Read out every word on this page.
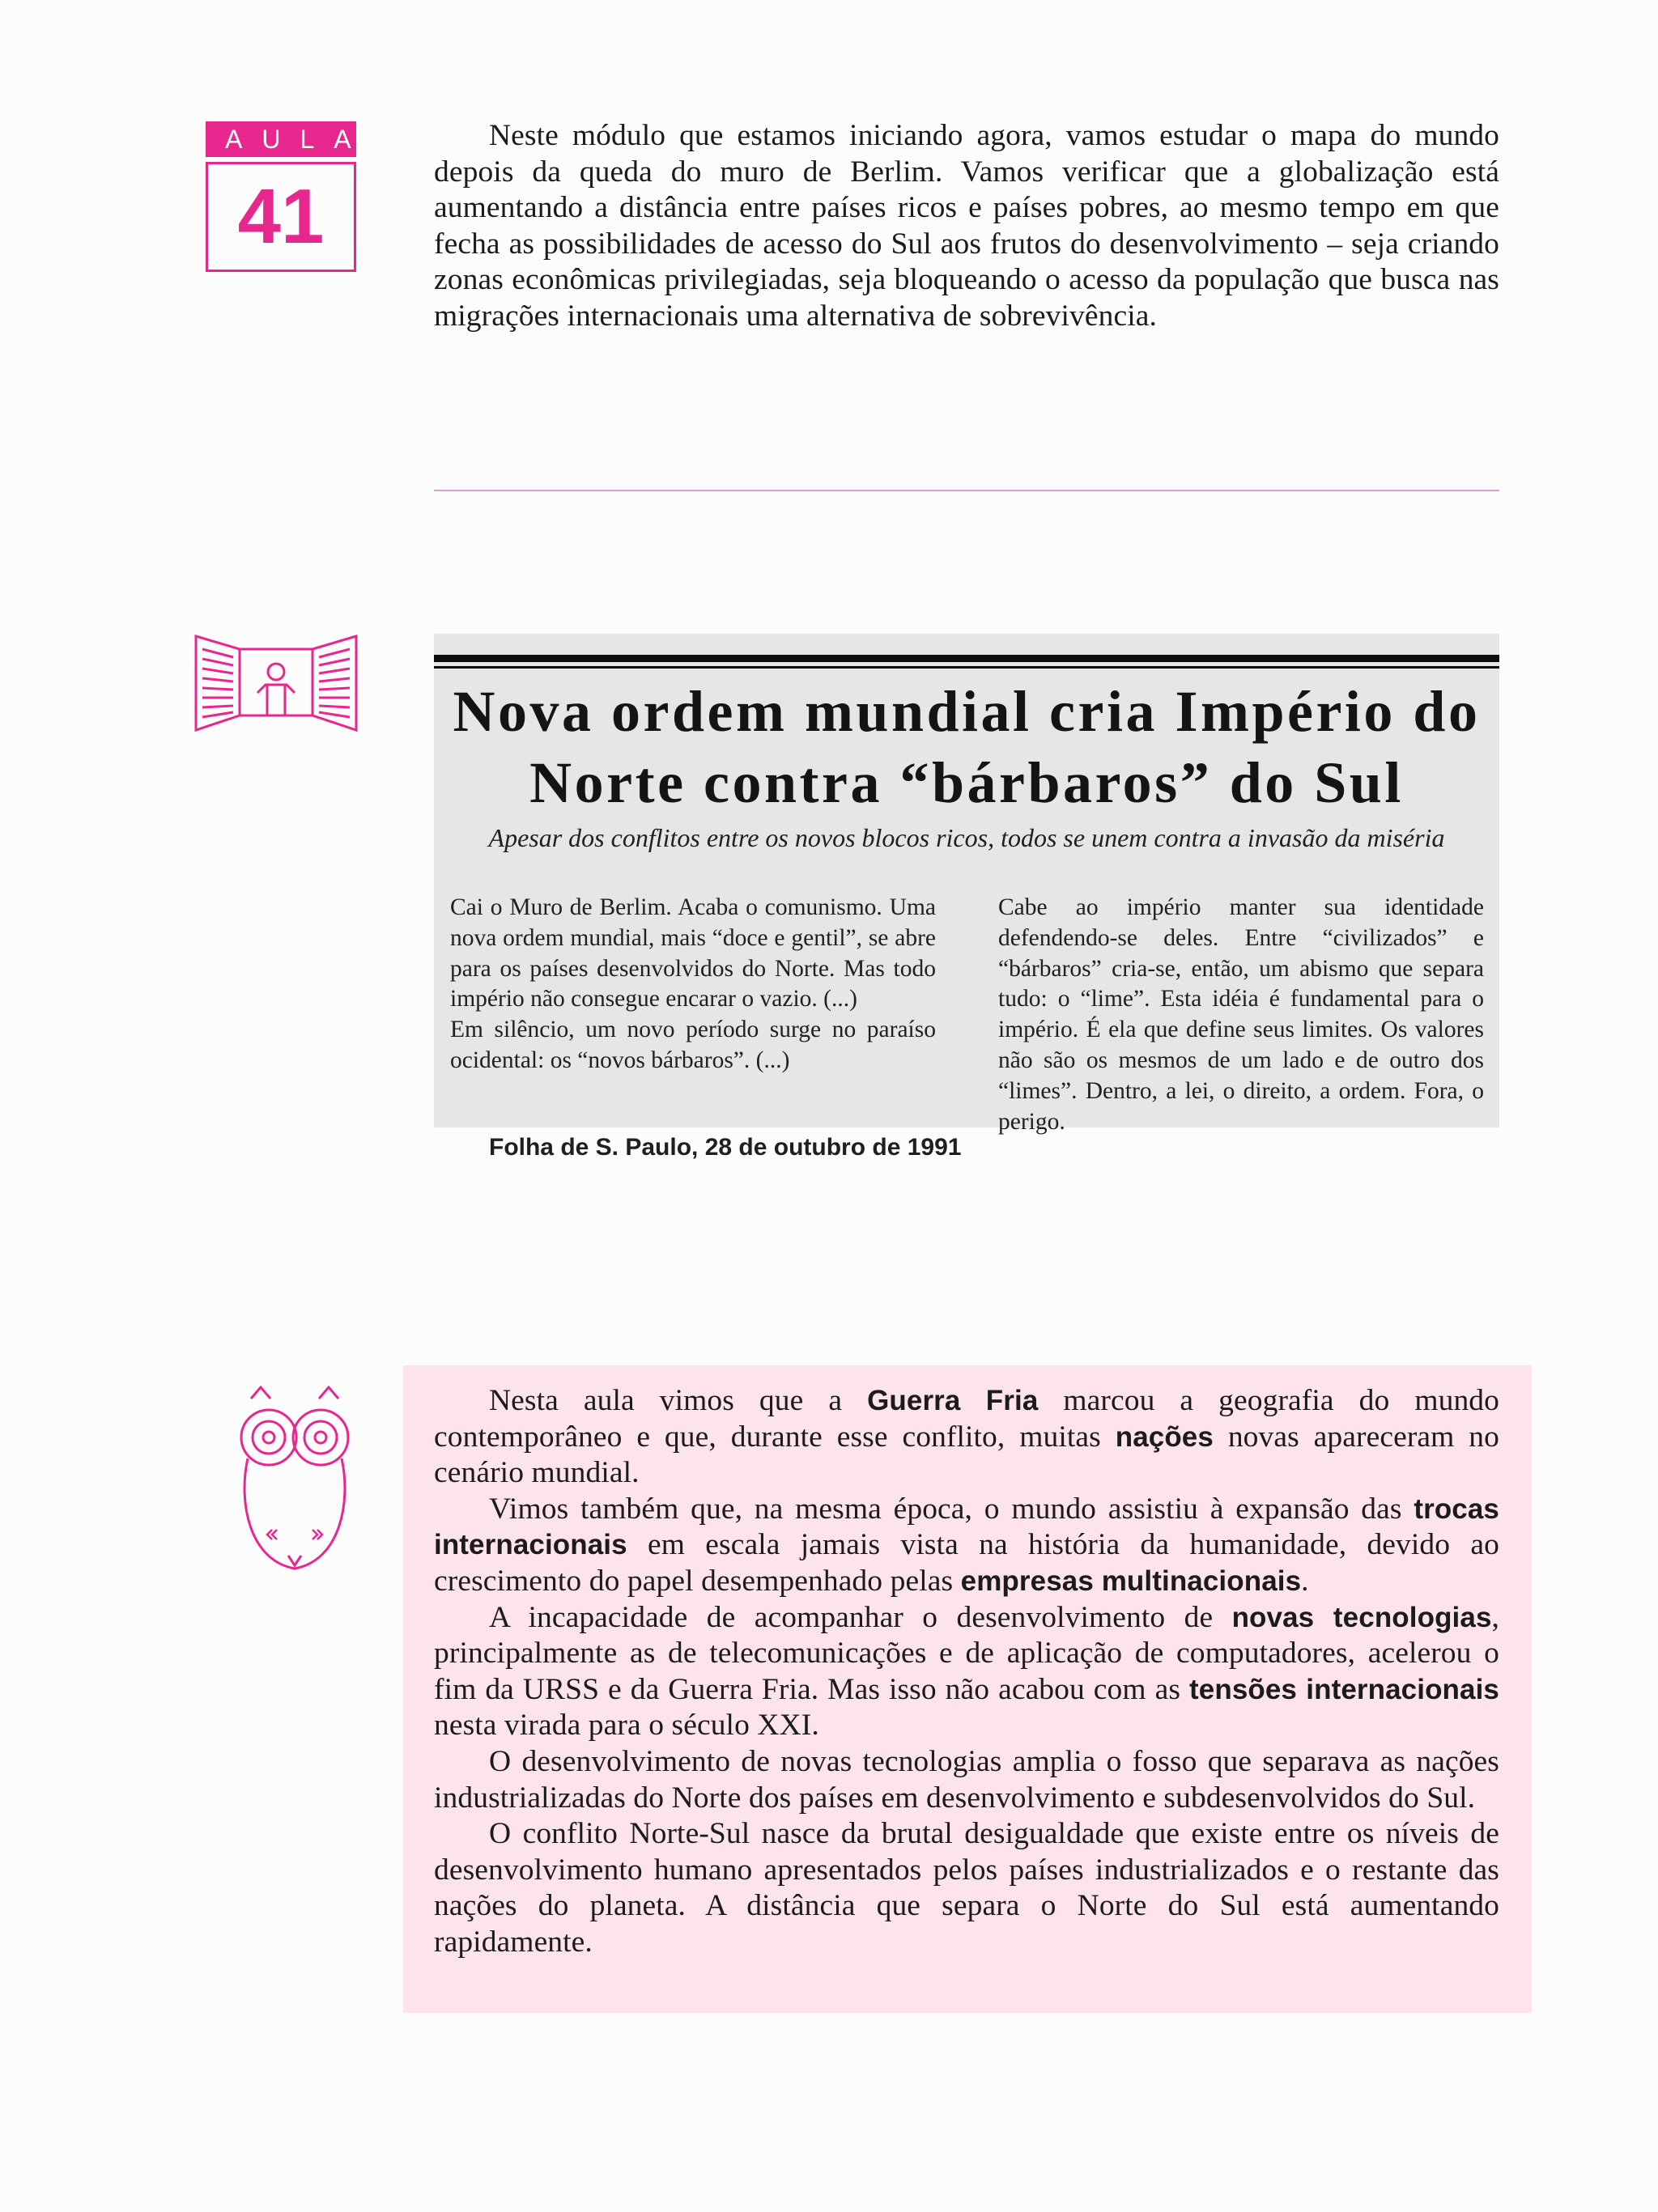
AULA
41

Neste módulo que estamos iniciando agora, vamos estudar o mapa do mundo depois da queda do muro de Berlim. Vamos verificar que a globalização está aumentando a distância entre países ricos e países pobres, ao mesmo tempo em que fecha as possibilidades de acesso do Sul aos frutos do desenvolvimento – seja criando zonas econômicas privilegiadas, seja bloqueando o acesso da população que busca nas migrações internacionais uma alternativa de sobrevivência.

Nova ordem mundial cria Império do
Norte contra “bárbaros” do Sul

Apesar dos conflitos entre os novos blocos ricos, todos se unem contra a invasão da miséria

Cai o Muro de Berlim. Acaba o comunismo. Uma nova ordem mundial, mais “doce e gentil”, se abre para os países desenvolvidos do Norte. Mas todo império não consegue encarar o vazio. (...)

Em silêncio, um novo período surge no paraíso ocidental: os “novos bárbaros”. (...)

Cabe ao império manter sua identidade defendendo-se deles. Entre “civilizados” e “bárbaros” cria-se, então, um abismo que separa tudo: o “lime”. Esta idéia é fundamental para o império. É ela que define seus limites. Os valores não são os mesmos de um lado e de outro dos “limes”. Dentro, a lei, o direito, a ordem. Fora, o perigo.

Folha de S. Paulo, 28 de outubro de 1991

Nesta aula vimos que a Guerra Fria marcou a geografia do mundo contemporâneo e que, durante esse conflito, muitas nações novas apareceram no cenário mundial.

Vimos também que, na mesma época, o mundo assistiu à expansão das trocas internacionais em escala jamais vista na história da humanidade, devido ao crescimento do papel desempenhado pelas empresas multinacionais.

A incapacidade de acompanhar o desenvolvimento de novas tecnologias, principalmente as de telecomunicações e de aplicação de computadores, acelerou o fim da URSS e da Guerra Fria. Mas isso não acabou com as tensões internacionais nesta virada para o século XXI.

O desenvolvimento de novas tecnologias amplia o fosso que separava as nações industrializadas do Norte dos países em desenvolvimento e subdesenvolvidos do Sul.

O conflito Norte-Sul nasce da brutal desigualdade que existe entre os níveis de desenvolvimento humano apresentados pelos países industrializados e o restante das nações do planeta. A distância que separa o Norte do Sul está aumentando rapidamente.
